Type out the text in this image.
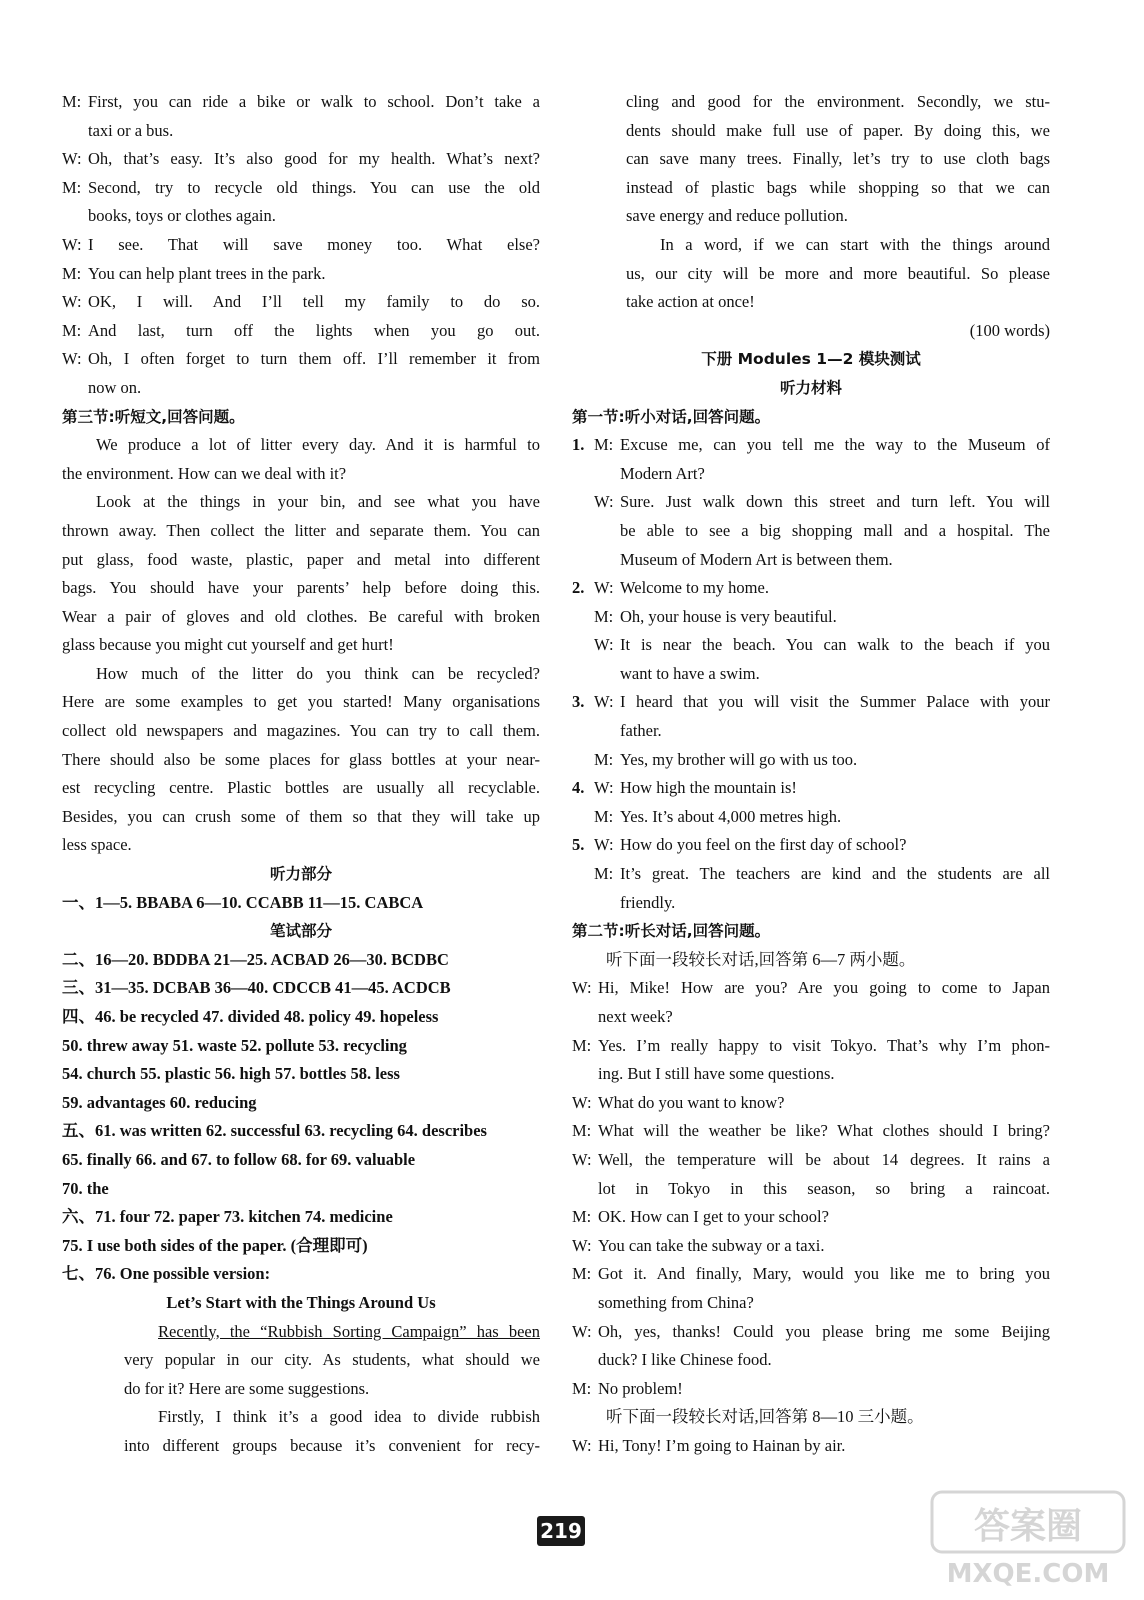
M: First, you can ride a bike or walk to school. Don’t take a
taxi or a bus.
W: Oh, that’s easy. It’s also good for my health. What’s next?
M: Second, try to recycle old things. You can use the old
books, toys or clothes again.
W: I see. That will save money too. What else?
M: You can help plant trees in the park.
W: OK, I will. And I’ll tell my family to do so.
M: And last, turn off the lights when you go out.
W: Oh, I often forget to turn them off. I’ll remember it from
now on.
第三节:听短文,回答问题。
We produce a lot of litter every day. And it is harmful to
the environment. How can we deal with it?
Look at the things in your bin, and see what you have
thrown away. Then collect the litter and separate them. You can
put glass, food waste, plastic, paper and metal into different
bags. You should have your parents’ help before doing this.
Wear a pair of gloves and old clothes. Be careful with broken
glass because you might cut yourself and get hurt!
How much of the litter do you think can be recycled?
Here are some examples to get you started! Many organisations
collect old newspapers and magazines. You can try to call them.
There should also be some places for glass bottles at your near-
est recycling centre. Plastic bottles are usually all recyclable.
Besides, you can crush some of them so that they will take up
less space.
听力部分
一、1—5. BBABA 6—10. CCABB 11—15. CABCA
笔试部分
二、16—20. BDDBA 21—25. ACBAD 26—30. BCDBC
三、31—35. DCBAB 36—40. CDCCB 41—45. ACDCB
四、46. be recycled 47. divided 48. policy 49. hopeless
50. threw away 51. waste 52. pollute 53. recycling
54. church 55. plastic 56. high 57. bottles 58. less
59. advantages 60. reducing
五、61. was written 62. successful 63. recycling 64. describes
65. finally 66. and 67. to follow 68. for 69. valuable
70. the
六、71. four 72. paper 73. kitchen 74. medicine
75. I use both sides of the paper. (合理即可)
七、76. One possible version:
Let’s Start with the Things Around Us
Recently, the “Rubbish Sorting Campaign” has been
very popular in our city. As students, what should we
do for it? Here are some suggestions.
Firstly, I think it’s a good idea to divide rubbish
into different groups because it’s convenient for recy-
cling and good for the environment. Secondly, we stu-
dents should make full use of paper. By doing this, we
can save many trees. Finally, let’s try to use cloth bags
instead of plastic bags while shopping so that we can
save energy and reduce pollution.
In a word, if we can start with the things around
us, our city will be more and more beautiful. So please
take action at once!
(100 words)
下册 Modules 1—2 模块测试
听力材料
第一节:听小对话,回答问题。
1. M: Excuse me, can you tell me the way to the Museum of
Modern Art?
W: Sure. Just walk down this street and turn left. You will
be able to see a big shopping mall and a hospital. The
Museum of Modern Art is between them.
2. W: Welcome to my home.
M: Oh, your house is very beautiful.
W: It is near the beach. You can walk to the beach if you
want to have a swim.
3. W: I heard that you will visit the Summer Palace with your
father.
M: Yes, my brother will go with us too.
4. W: How high the mountain is!
M: Yes. It’s about 4,000 metres high.
5. W: How do you feel on the first day of school?
M: It’s great. The teachers are kind and the students are all
friendly.
第二节:听长对话,回答问题。
听下面一段较长对话,回答第 6—7 两小题。
W: Hi, Mike! How are you? Are you going to come to Japan
next week?
M: Yes. I’m really happy to visit Tokyo. That’s why I’m phon-
ing. But I still have some questions.
W: What do you want to know?
M: What will the weather be like? What clothes should I bring?
W: Well, the temperature will be about 14 degrees. It rains a
lot in Tokyo in this season, so bring a raincoat.
M: OK. How can I get to your school?
W: You can take the subway or a taxi.
M: Got it. And finally, Mary, would you like me to bring you
something from China?
W: Oh, yes, thanks! Could you please bring me some Beijing
duck? I like Chinese food.
M: No problem!
听下面一段较长对话,回答第 8—10 三小题。
W: Hi, Tony! I’m going to Hainan by air.
219	答案圈
MXQE.COM
